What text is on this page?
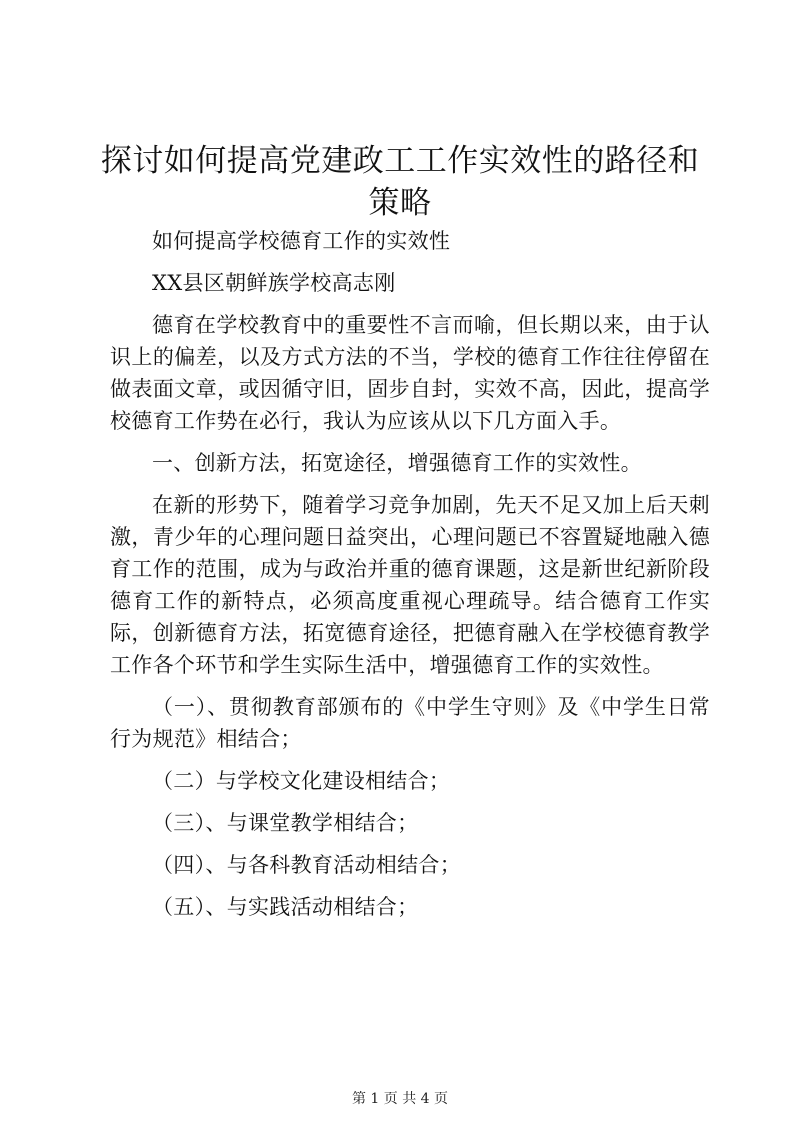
探讨如何提高党建政工工作实效性的路径和策略

如何提高学校德育工作的实效性

XX县区朝鲜族学校高志刚

德育在学校教育中的重要性不言而喻，但长期以来，由于认识上的偏差，以及方式方法的不当，学校的德育工作往往停留在做表面文章，或因循守旧，固步自封，实效不高，因此，提高学校德育工作势在必行，我认为应该从以下几方面入手。

一、创新方法，拓宽途径，增强德育工作的实效性。

在新的形势下，随着学习竞争加剧，先天不足又加上后天刺激，青少年的心理问题日益突出，心理问题已不容置疑地融入德育工作的范围，成为与政治并重的德育课题，这是新世纪新阶段德育工作的新特点，必须高度重视心理疏导。结合德育工作实际，创新德育方法，拓宽德育途径，把德育融入在学校德育教学工作各个环节和学生实际生活中，增强德育工作的实效性。

（一）、贯彻教育部颁布的《中学生守则》及《中学生日常行为规范》相结合；

（二）与学校文化建设相结合；

（三）、与课堂教学相结合；

（四）、与各科教育活动相结合；

（五）、与实践活动相结合；

第 1 页 共 4 页
